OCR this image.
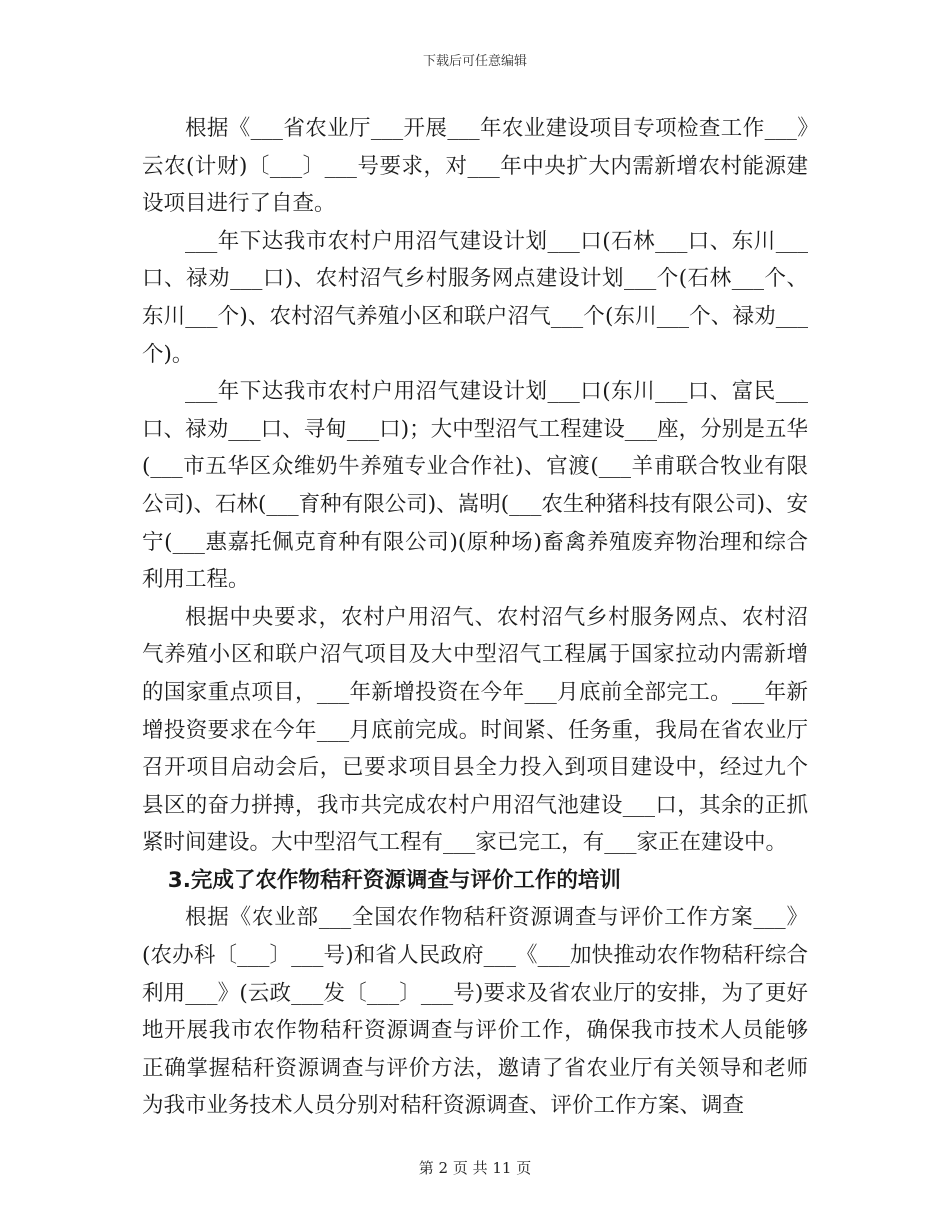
下载后可任意编辑

根据《___省农业厅___开展___年农业建设项目专项检查工作___》云农(计财)〔___〕___号要求，对___年中央扩大内需新增农村能源建设项目进行了自查。

___年下达我市农村户用沼气建设计划___口(石林___口、东川___口、禄劝___口)、农村沼气乡村服务网点建设计划___个(石林___个、东川___个)、农村沼气养殖小区和联户沼气___个(东川___个、禄劝___个)。

___年下达我市农村户用沼气建设计划___口(东川___口、富民___口、禄劝___口、寻甸___口)；大中型沼气工程建设___座，分别是五华(___市五华区众维奶牛养殖专业合作社)、官渡(___羊甫联合牧业有限公司)、石林(___育种有限公司)、嵩明(___农生种猪科技有限公司)、安宁(___惠嘉托佩克育种有限公司)(原种场)畜禽养殖废弃物治理和综合利用工程。

根据中央要求，农村户用沼气、农村沼气乡村服务网点、农村沼气养殖小区和联户沼气项目及大中型沼气工程属于国家拉动内需新增的国家重点项目，___年新增投资在今年___月底前全部完工。___年新增投资要求在今年___月底前完成。时间紧、任务重，我局在省农业厅召开项目启动会后，已要求项目县全力投入到项目建设中，经过九个县区的奋力拼搏，我市共完成农村户用沼气池建设___口，其余的正抓紧时间建设。大中型沼气工程有___家已完工，有___家正在建设中。

3.完成了农作物秸秆资源调查与评价工作的培训

根据《农业部___全国农作物秸秆资源调查与评价工作方案___》(农办科〔___〕___号)和省人民政府___《___加快推动农作物秸秆综合利用___》(云政___发〔___〕___号)要求及省农业厅的安排，为了更好地开展我市农作物秸秆资源调查与评价工作，确保我市技术人员能够正确掌握秸秆资源调查与评价方法，邀请了省农业厅有关领导和老师为我市业务技术人员分别对秸秆资源调查、评价工作方案、调查

第 2 页 共 11 页
